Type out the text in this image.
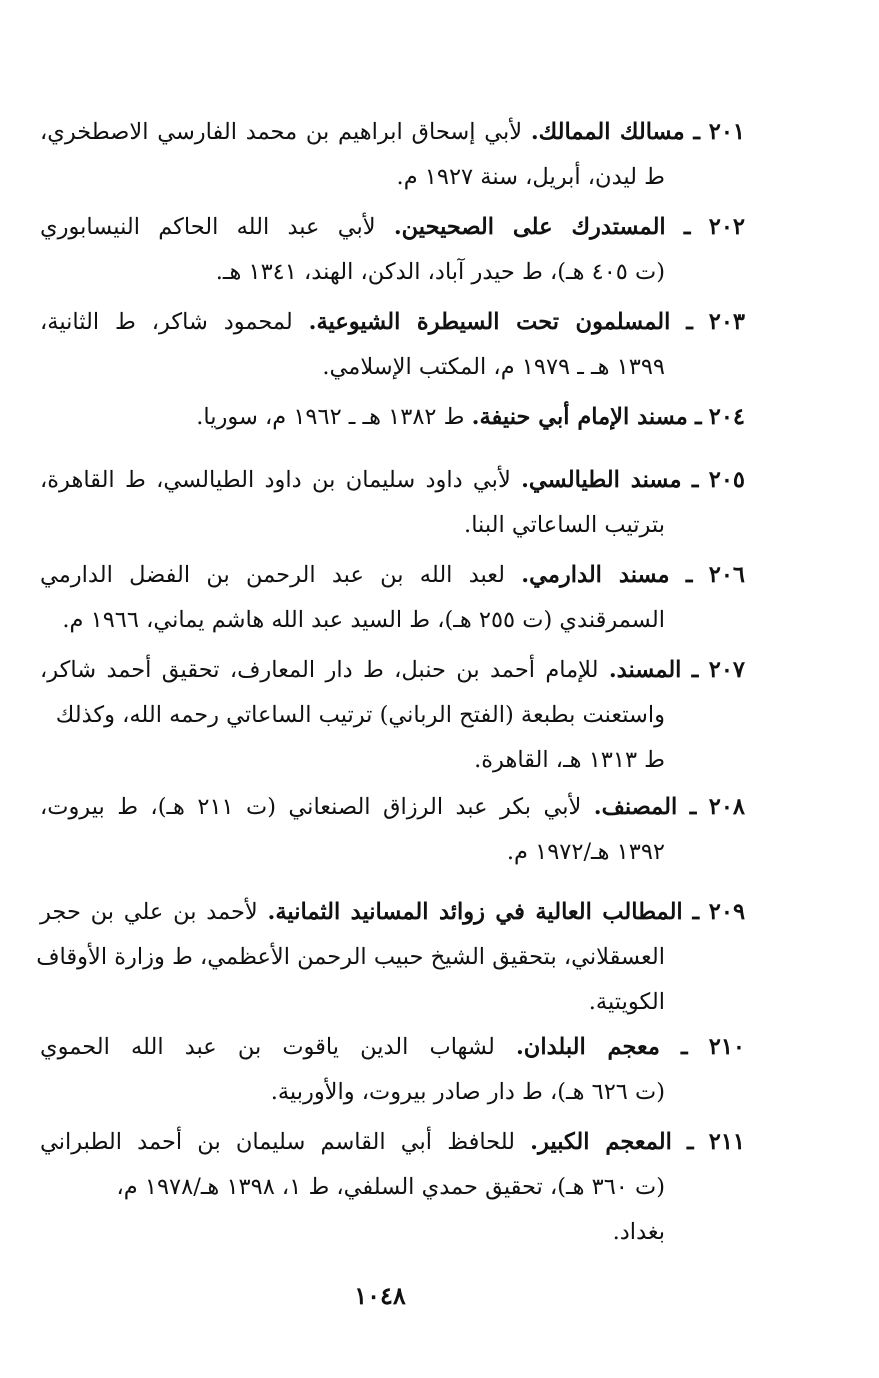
٢٠١ ـ مسالك الممالك. لأبي إسحاق ابراهيم بن محمد الفارسي الاصطخري،
ط ليدن، أبريل، سنة ١٩٢٧ م.
٢٠٢ ـ المستدرك على الصحيحين. لأبي عبد الله الحاكم النيسابوري
(ت ٤٠٥ هـ)، ط حيدر آباد، الدكن، الهند، ١٣٤١ هـ.
٢٠٣ ـ المسلمون تحت السيطرة الشيوعية. لمحمود شاكر، ط الثانية،
١٣٩٩ هـ ـ ١٩٧٩ م، المكتب الإسلامي.
٢٠٤ ـ مسند الإمام أبي حنيفة. ط ١٣٨٢ هـ ـ ١٩٦٢ م، سوريا.
٢٠٥ ـ مسند الطيالسي. لأبي داود سليمان بن داود الطيالسي، ط القاهرة،
بترتيب الساعاتي البنا.
٢٠٦ ـ مسند الدارمي. لعبد الله بن عبد الرحمن بن الفضل الدارمي
السمرقندي (ت ٢٥٥ هـ)، ط السيد عبد الله هاشم يماني، ١٩٦٦ م.
٢٠٧ ـ المسند. للإمام أحمد بن حنبل، ط دار المعارف، تحقيق أحمد شاكر،
واستعنت بطبعة (الفتح الرباني) ترتيب الساعاتي رحمه الله، وكذلك
ط ١٣١٣ هـ، القاهرة.
٢٠٨ ـ المصنف. لأبي بكر عبد الرزاق الصنعاني (ت ٢١١ هـ)، ط بيروت،
١٣٩٢ هـ/١٩٧٢ م.
٢٠٩ ـ المطالب العالية في زوائد المسانيد الثمانية. لأحمد بن علي بن حجر
العسقلاني، بتحقيق الشيخ حبيب الرحمن الأعظمي، ط وزارة الأوقاف
الكويتية.
٢١٠ ـ معجم البلدان. لشهاب الدين ياقوت بن عبد الله الحموي
(ت ٦٢٦ هـ)، ط دار صادر بيروت، والأوربية.
٢١١ ـ المعجم الكبير. للحافظ أبي القاسم سليمان بن أحمد الطبراني
(ت ٣٦٠ هـ)، تحقيق حمدي السلفي، ط ١، ١٣٩٨ هـ/١٩٧٨ م،
بغداد.
١٠٤٨
